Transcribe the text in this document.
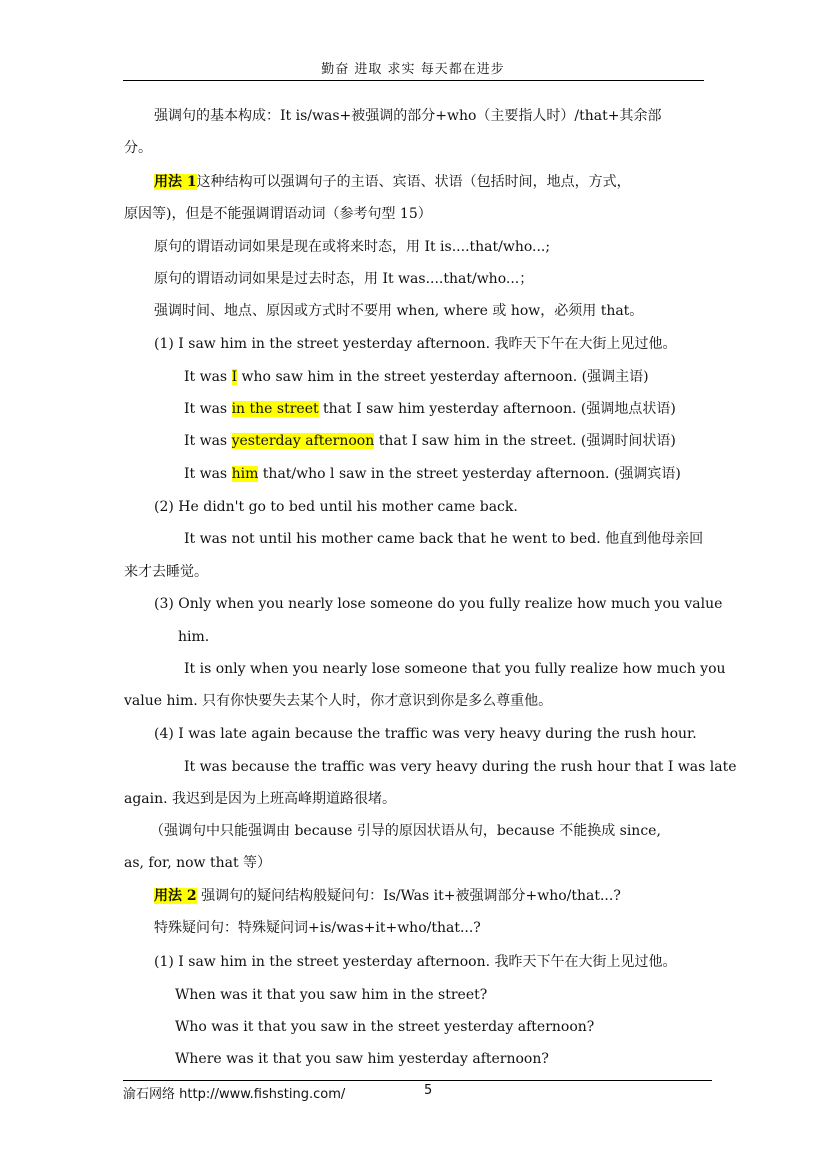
勤奋 进取 求实 每天都在进步
强调句的基本构成：It is/was+被强调的部分+who（主要指人时）/that+其余部
分。
用法 1这种结构可以强调句子的主语、宾语、状语（包括时间，地点，方式，
原因等)，但是不能强调谓语动词（参考句型 15）
原句的谓语动词如果是现在或将来时态，用 It is....that/who...;
原句的谓语动词如果是过去时态，用 It was....that/who...；
强调时间、地点、原因或方式时不要用 when, where 或 how，必须用 that。
(1) I saw him in the street yesterday afternoon. 我昨天下午在大街上见过他。
It was I who saw him in the street yesterday afternoon. (强调主语)
It was in the street that I saw him yesterday afternoon. (强调地点状语)
It was yesterday afternoon that I saw him in the street. (强调时间状语)
It was him that/who l saw in the street yesterday afternoon. (强调宾语)
(2) He didn't go to bed until his mother came back.
It was not until his mother came back that he went to bed. 他直到他母亲回
来才去睡觉。
(3) Only when you nearly lose someone do you fully realize how much you value
him.
It is only when you nearly lose someone that you fully realize how much you
value him. 只有你快要失去某个人时，你才意识到你是多么尊重他。
(4) I was late again because the traffic was very heavy during the rush hour.
It was because the traffic was very heavy during the rush hour that I was late
again. 我迟到是因为上班高峰期道路很堵。
（强调句中只能强调由 because 引导的原因状语从句，because 不能换成 since,
as, for, now that 等）
用法 2 强调句的疑问结构般疑问句：Is/Was it+被强调部分+who/that...?
特殊疑问句：特殊疑问词+is/was+it+who/that...?
(1) I saw him in the street yesterday afternoon. 我昨天下午在大街上见过他。
When was it that you saw him in the street?
Who was it that you saw in the street yesterday afternoon?
Where was it that you saw him yesterday afternoon?
渝石网络 http://www.fishsting.com/	5
